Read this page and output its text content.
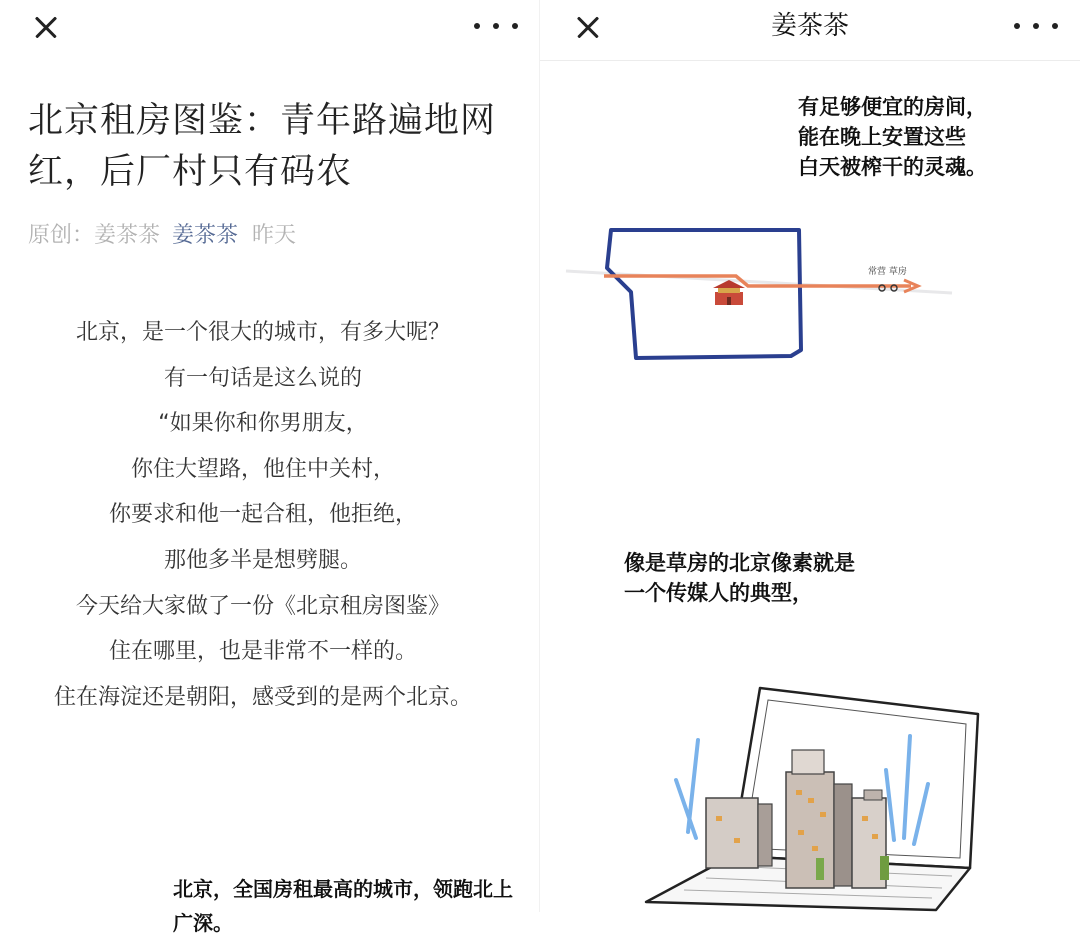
北京租房图鉴：青年路遍地网红，后厂村只有码农
原创：姜茶茶 姜茶茶 昨天

北京，是一个很大的城市，有多大呢？

有一句话是这么说的

“如果你和你男朋友，

你住大望路，他住中关村，

你要求和他一起合租，他拒绝，

那他多半是想劈腿。

今天给大家做了一份《北京租房图鉴》

住在哪里，也是非常不一样的。

住在海淀还是朝阳，感受到的是两个北京。

北京，全国房租最高的城市，领跑北上广深。
姜茶茶

有足够便宜的房间，

能在晚上安置这些

白天被榨干的灵魂。

常营 草房

像是草房的北京像素就是

一个传媒人的典型，
